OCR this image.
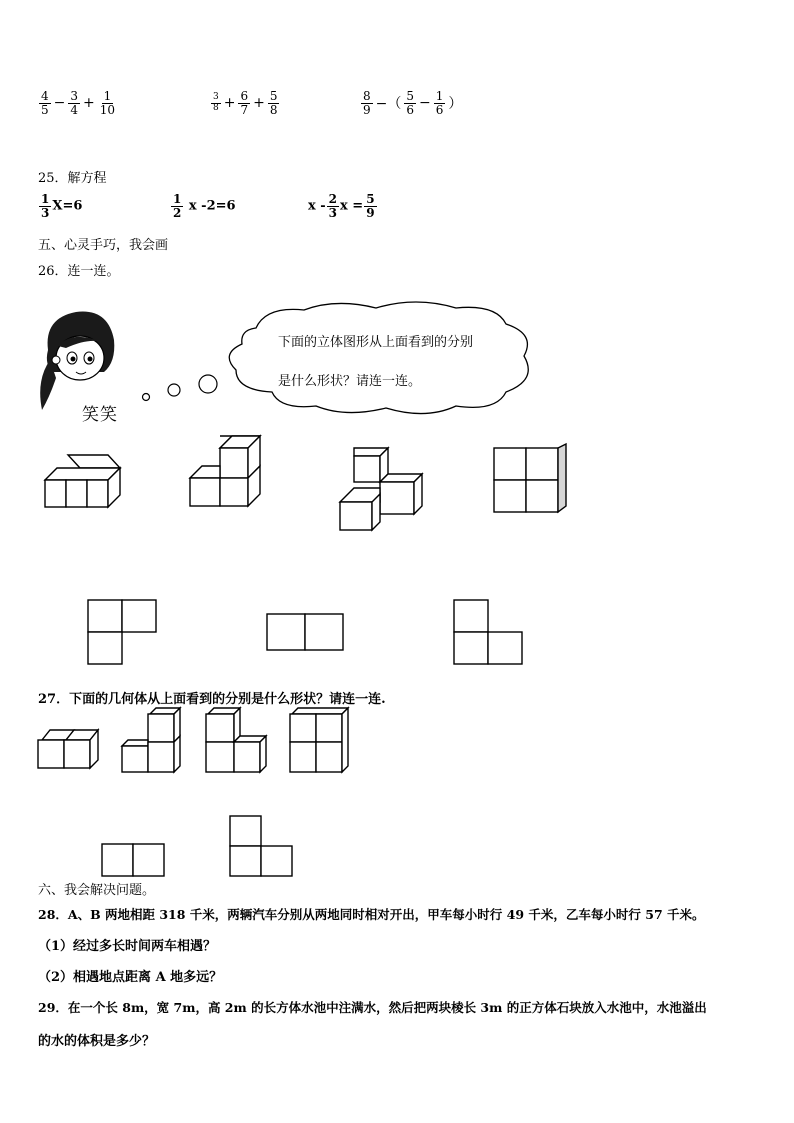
$\frac{4}{5} - \frac{3}{4} + \frac{1}{10}$	$\frac{3}{8} + \frac{6}{7} + \frac{5}{8}$	$\frac{8}{9}$ −（ $\frac{5}{6} - \frac{1}{6}$ ）
25．解方程
$\frac{1}{3} X=6$	$\frac{1}{2}$ x -2=6	x - $\frac{2}{3}$ $x = \frac{5}{9}$
五、心灵手巧，我会画
26．连一连。
下面的立体图形从上面看到的分别
是什么形状？请连一连。
笑笑
27．下面的几何体从上面看到的分别是什么形状？请连一连.
六、我会解决问题。
28．A、B 两地相距 318 千米，两辆汽车分别从两地同时相对开出，甲车每小时行 49 千米，乙车每小时行 57 千米。
（1）经过多长时间两车相遇？
（2）相遇地点距离 A 地多远？
29．在一个长 8m，宽 7m，高 2m 的长方体水池中注满水，然后把两块棱长 3m 的正方体石块放入水池中，水池溢出
的水的体积是多少？
